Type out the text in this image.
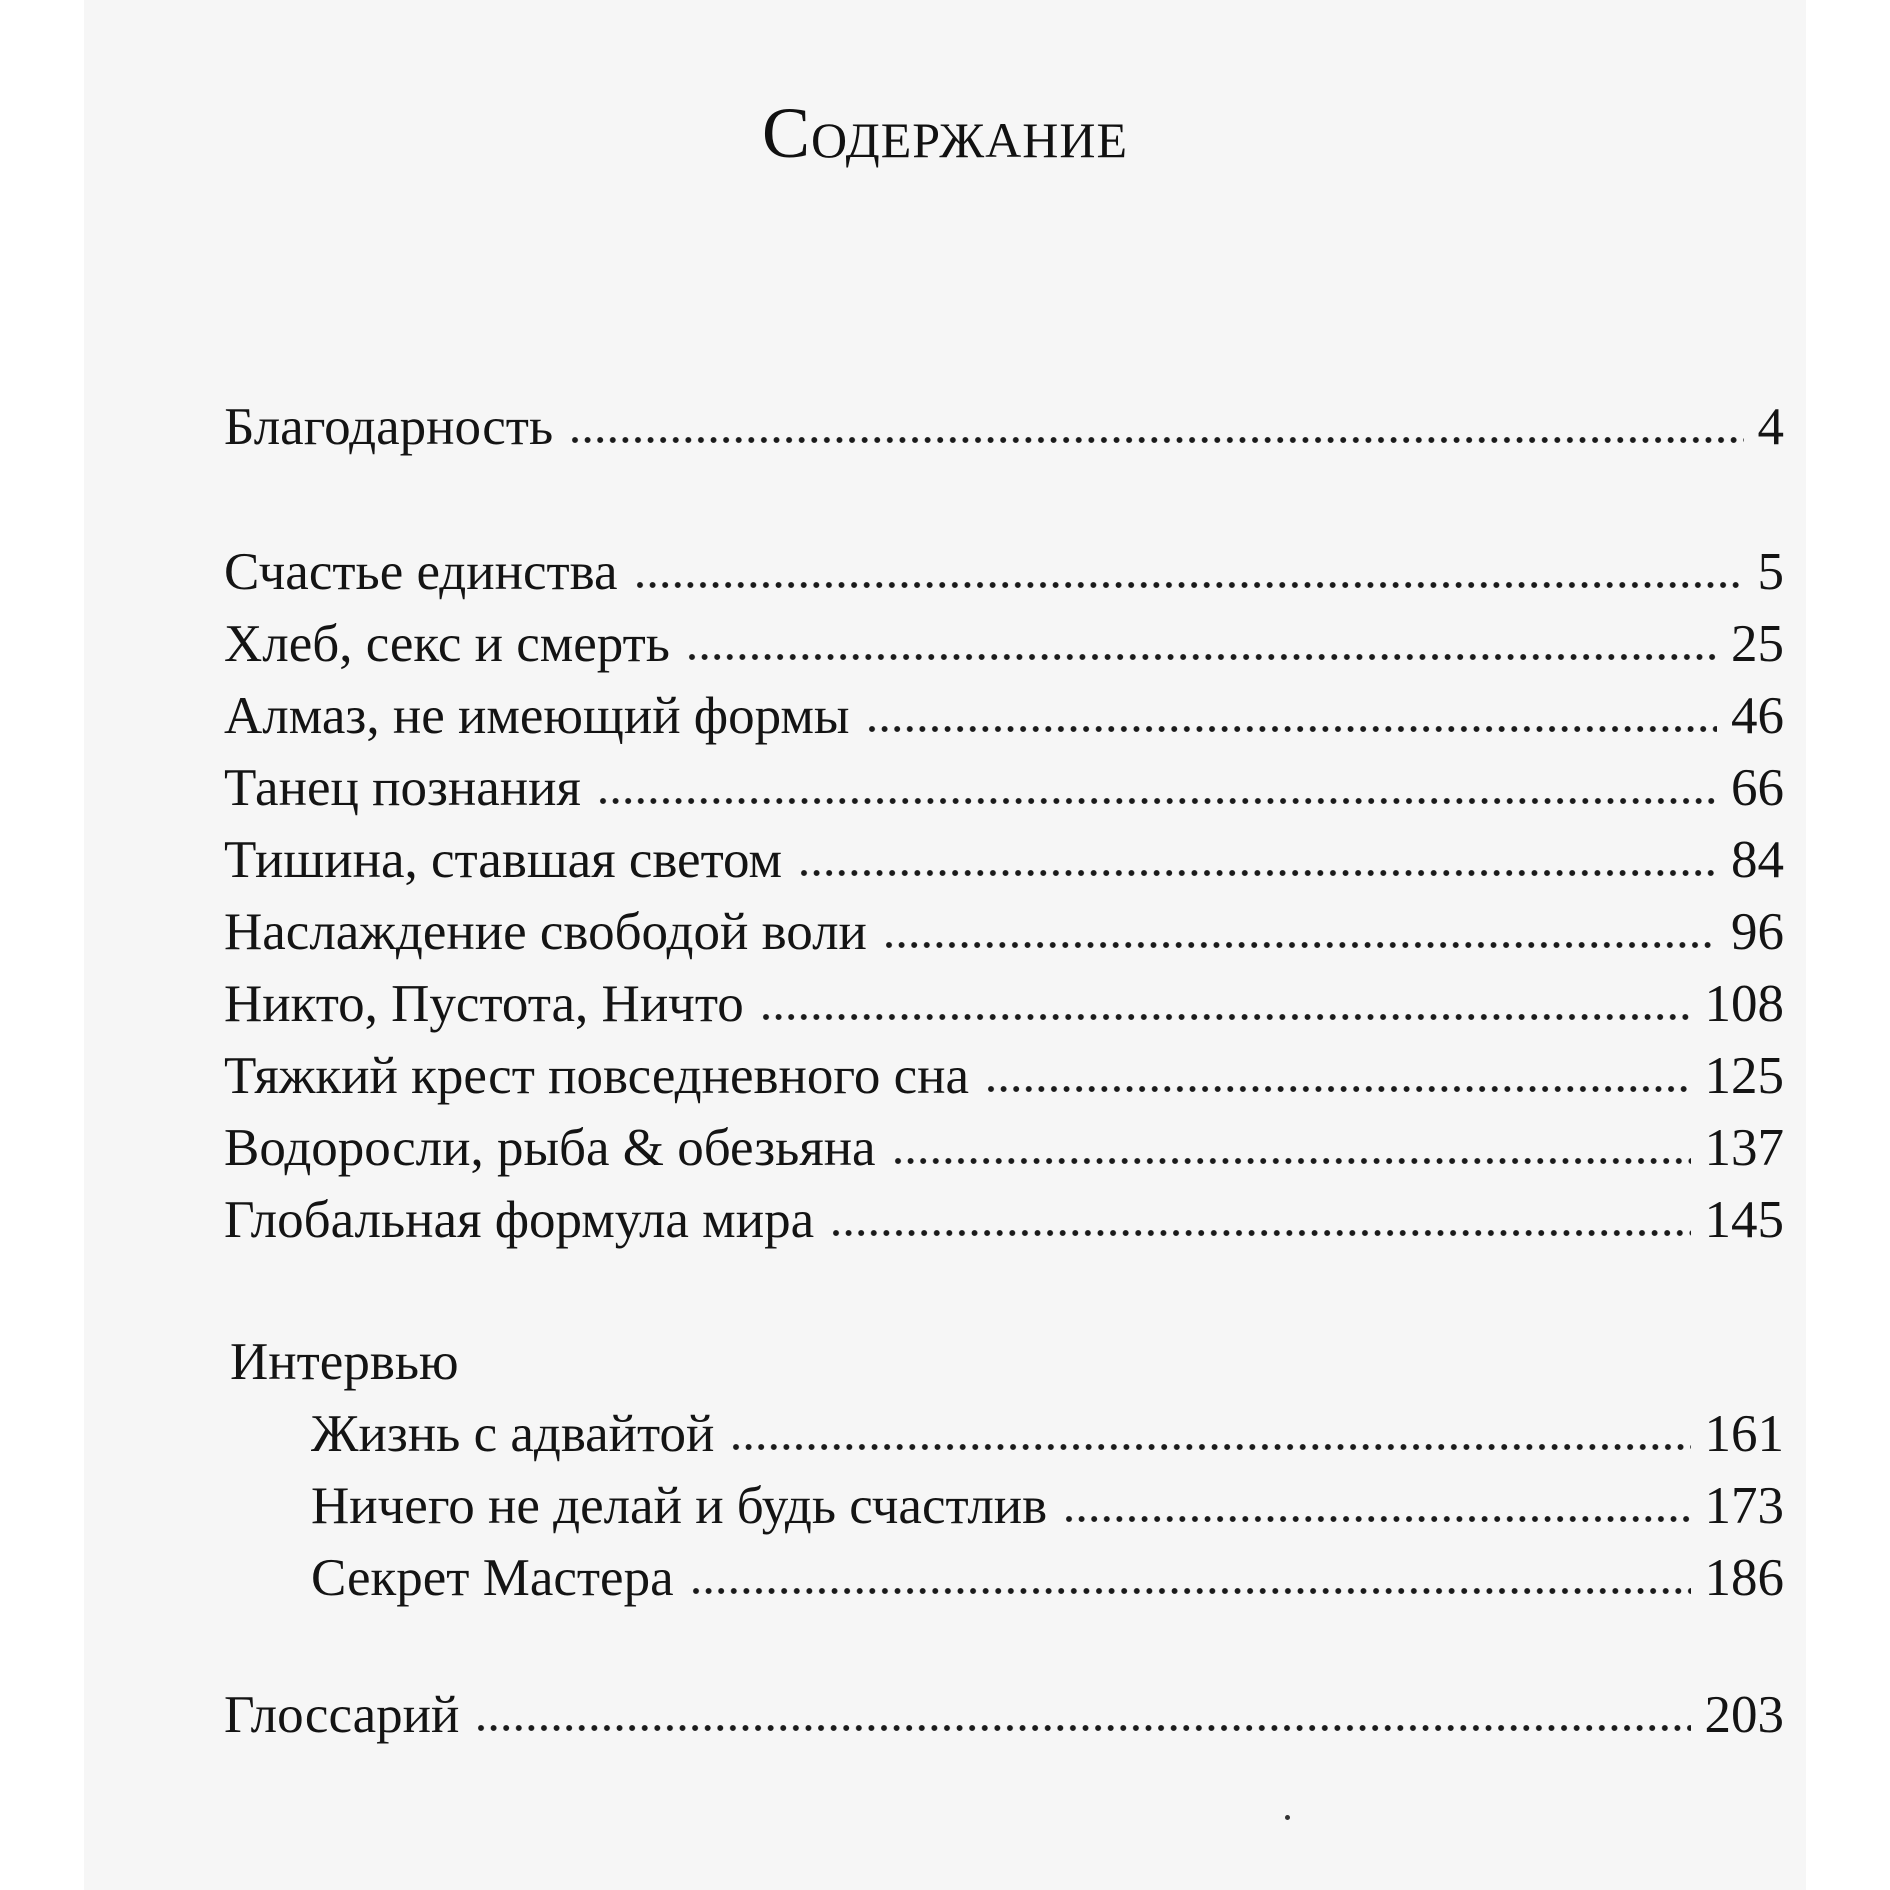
Содержание
Благодарность	4
Счастье единства	5
Хлеб, секс и смерть	25
Алмаз, не имеющий формы	46
Танец познания	66
Тишина, ставшая светом	84
Наслаждение свободой воли	96
Никто, Пустота, Ничто	108
Тяжкий крест повседневного сна	125
Водоросли, рыба & обезьяна	137
Глобальная формула мира	145
Интервью
Жизнь с адвайтой	161
Ничего не делай и будь счастлив	173
Секрет Мастера	186
Глоссарий	203
